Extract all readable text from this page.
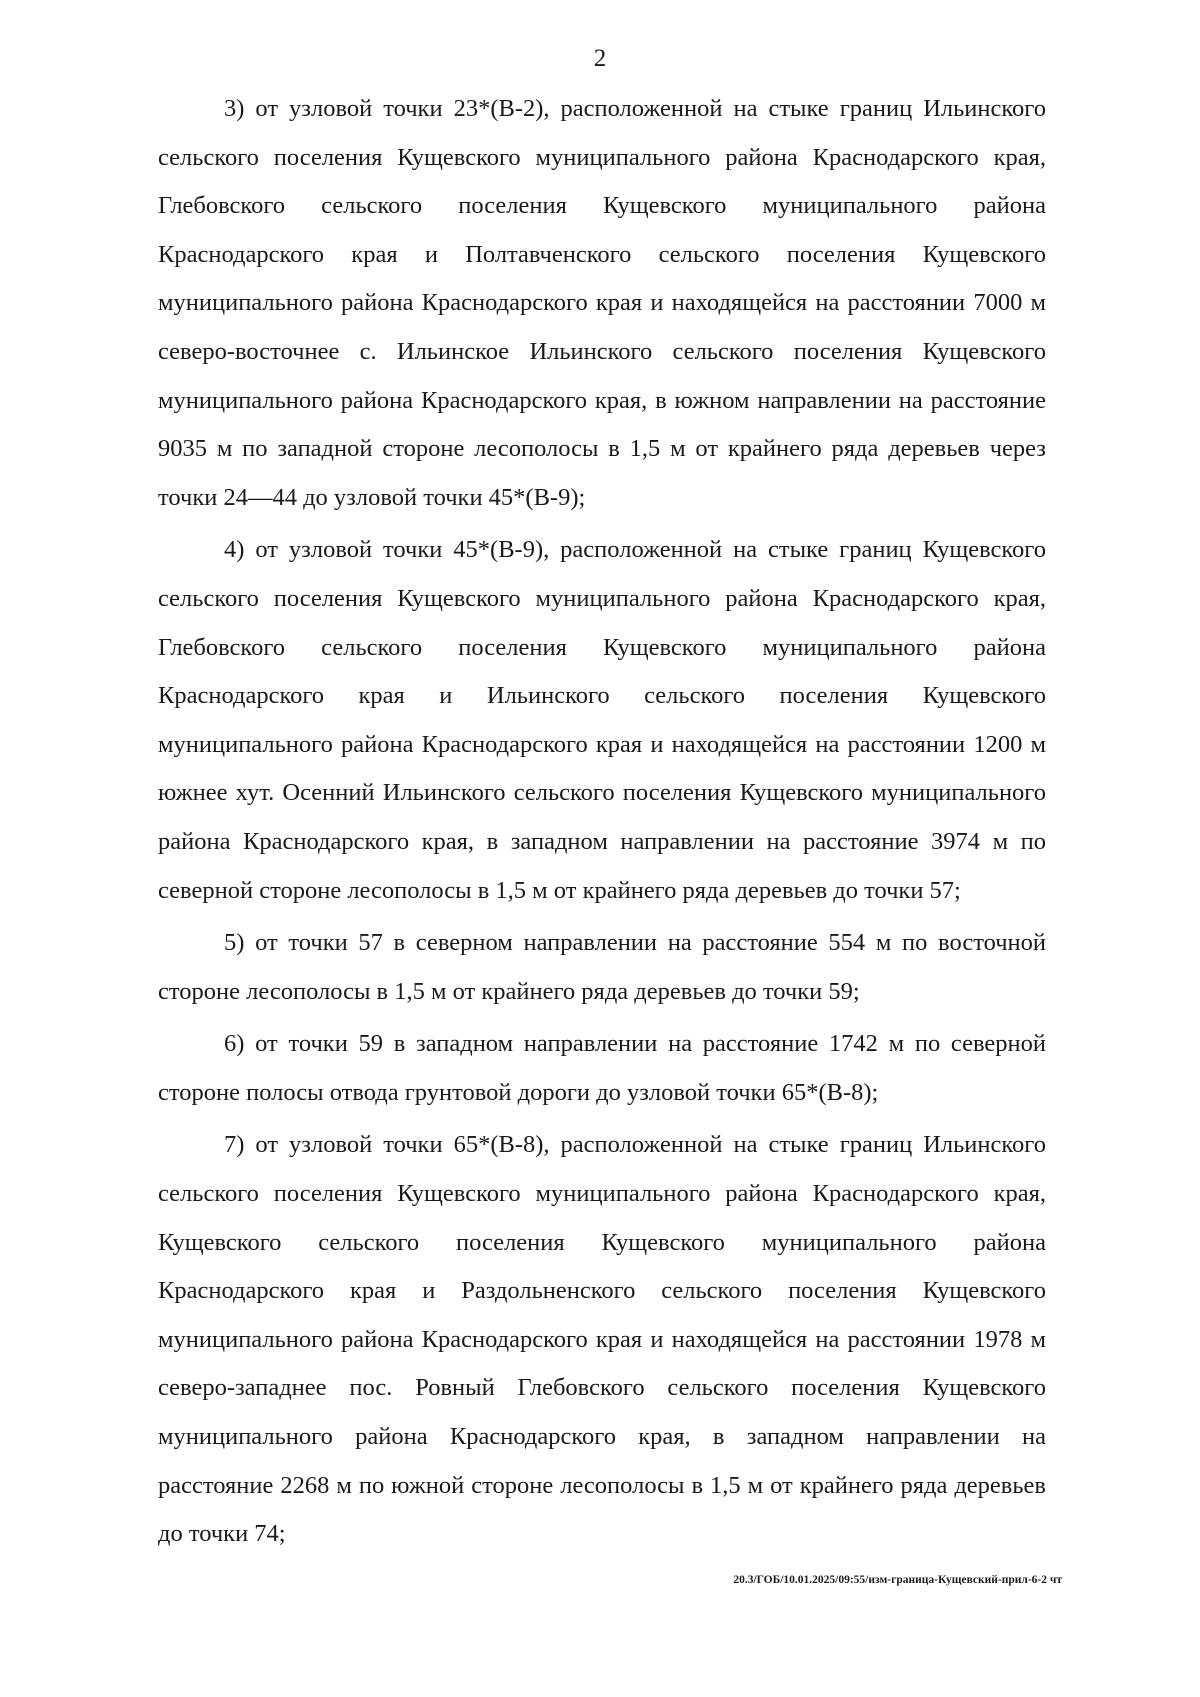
2

3) от узловой точки 23*(В-2), расположенной на стыке границ Ильинского сельского поселения Кущевского муниципального района Краснодарского края, Глебовского сельского поселения Кущевского муниципального района Краснодарского края и Полтавченского сельского поселения Кущевского муниципального района Краснодарского края и находящейся на расстоянии 7000 м северо-восточнее с. Ильинское Ильинского сельского поселения Кущевского муниципального района Краснодарского края, в южном направлении на расстояние 9035 м по западной стороне лесополосы в 1,5 м от крайнего ряда деревьев через точки 24—44 до узловой точки 45*(В-9);

4) от узловой точки 45*(В-9), расположенной на стыке границ Кущевского сельского поселения Кущевского муниципального района Краснодарского края, Глебовского сельского поселения Кущевского муниципального района Краснодарского края и Ильинского сельского поселения Кущевского муниципального района Краснодарского края и находящейся на расстоянии 1200 м южнее хут. Осенний Ильинского сельского поселения Кущевского муниципального района Краснодарского края, в западном направлении на расстояние 3974 м по северной стороне лесополосы в 1,5 м от крайнего ряда деревьев до точки 57;

5) от точки 57 в северном направлении на расстояние 554 м по восточной стороне лесополосы в 1,5 м от крайнего ряда деревьев до точки 59;

6) от точки 59 в западном направлении на расстояние 1742 м по северной стороне полосы отвода грунтовой дороги до узловой точки 65*(В-8);

7) от узловой точки 65*(В-8), расположенной на стыке границ Ильинского сельского поселения Кущевского муниципального района Краснодарского края, Кущевского сельского поселения Кущевского муниципального района Краснодарского края и Раздольненского сельского поселения Кущевского муниципального района Краснодарского края и находящейся на расстоянии 1978 м северо-западнее пос. Ровный Глебовского сельского поселения Кущевского муниципального района Краснодарского края, в западном направлении на расстояние 2268 м по южной стороне лесополосы в 1,5 м от крайнего ряда деревьев до точки 74;

20.3/ГОБ/10.01.2025/09:55/изм-граница-Кущевский-прил-6-2 чт
